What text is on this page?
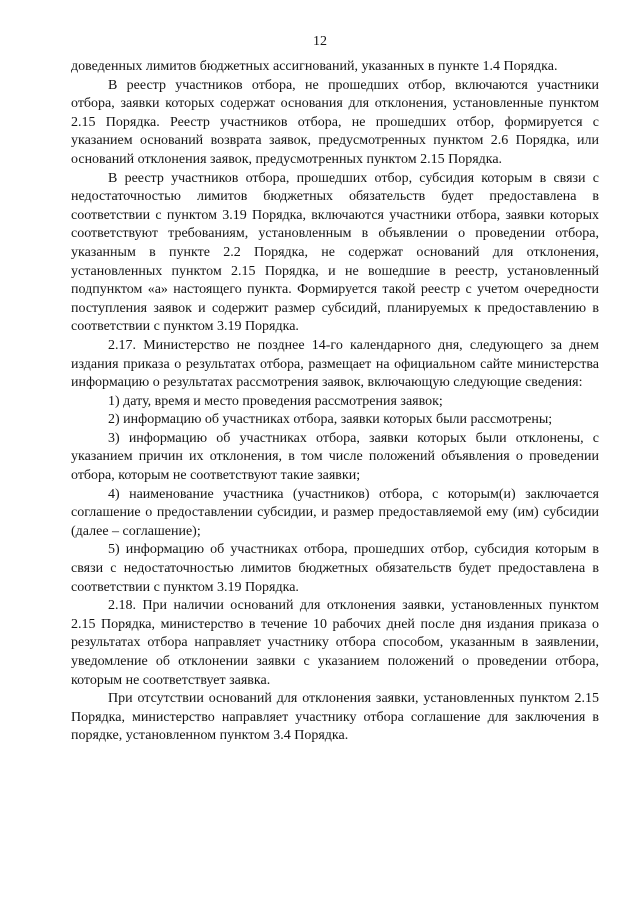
12

доведенных лимитов бюджетных ассигнований, указанных в пункте 1.4 Порядка.

В реестр участников отбора, не прошедших отбор, включаются участники отбора, заявки которых содержат основания для отклонения, установленные пунктом 2.15 Порядка. Реестр участников отбора, не прошедших отбор, формируется с указанием оснований возврата заявок, предусмотренных пунктом 2.6 Порядка, или оснований отклонения заявок, предусмотренных пунктом 2.15 Порядка.

В реестр участников отбора, прошедших отбор, субсидия которым в связи с недостаточностью лимитов бюджетных обязательств будет предоставлена в соответствии с пунктом 3.19 Порядка, включаются участники отбора, заявки которых соответствуют требованиям, установленным в объявлении о проведении отбора, указанным в пункте 2.2 Порядка, не содержат оснований для отклонения, установленных пунктом 2.15 Порядка, и не вошедшие в реестр, установленный подпунктом «а» настоящего пункта. Формируется такой реестр с учетом очередности поступления заявок и содержит размер субсидий, планируемых к предоставлению в соответствии с пунктом 3.19 Порядка.

2.17. Министерство не позднее 14-го календарного дня, следующего за днем издания приказа о результатах отбора, размещает на официальном сайте министерства информацию о результатах рассмотрения заявок, включающую следующие сведения:

1) дату, время и место проведения рассмотрения заявок;

2) информацию об участниках отбора, заявки которых были рассмотрены;

3) информацию об участниках отбора, заявки которых были отклонены, с указанием причин их отклонения, в том числе положений объявления о проведении отбора, которым не соответствуют такие заявки;

4) наименование участника (участников) отбора, с которым(и) заключается соглашение о предоставлении субсидии, и размер предоставляемой ему (им) субсидии (далее – соглашение);

5) информацию об участниках отбора, прошедших отбор, субсидия которым в связи с недостаточностью лимитов бюджетных обязательств будет предоставлена в соответствии с пунктом 3.19 Порядка.

2.18. При наличии оснований для отклонения заявки, установленных пунктом 2.15 Порядка, министерство в течение 10 рабочих дней после дня издания приказа о результатах отбора направляет участнику отбора способом, указанным в заявлении, уведомление об отклонении заявки с указанием положений о проведении отбора, которым не соответствует заявка.

При отсутствии оснований для отклонения заявки, установленных пунктом 2.15 Порядка, министерство направляет участнику отбора соглашение для заключения в порядке, установленном пунктом 3.4 Порядка.
